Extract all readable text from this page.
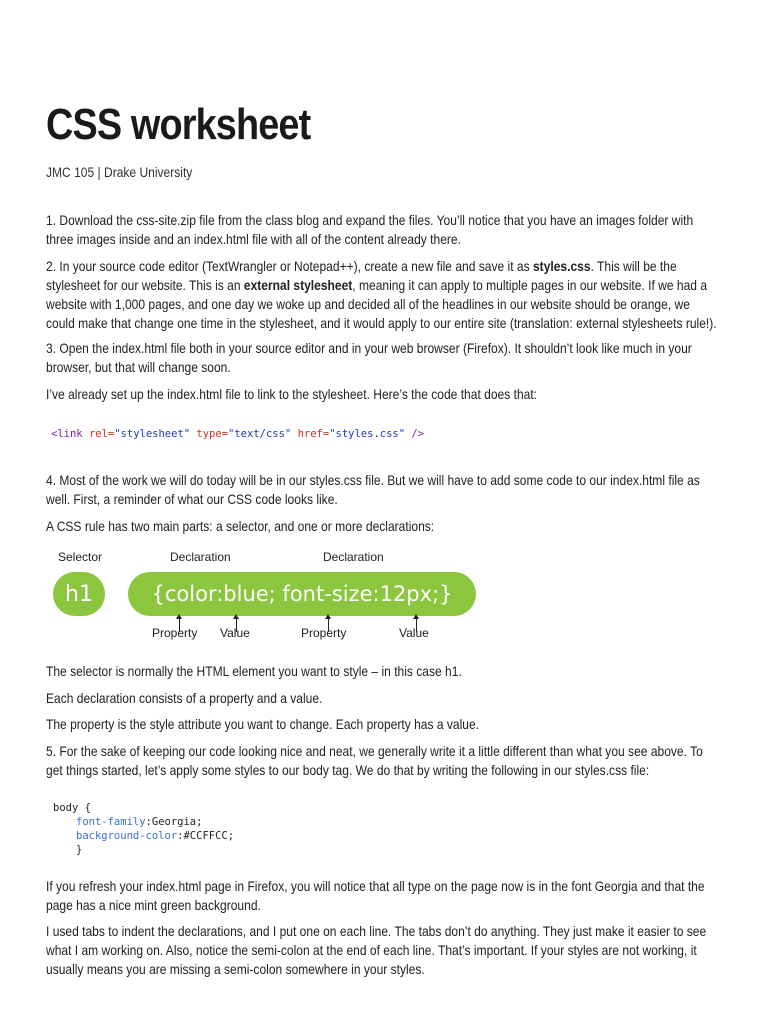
CSS worksheet
JMC 105 | Drake University

1. Download the css-site.zip file from the class blog and expand the files. You’ll notice that you have an images folder with three images inside and an index.html file with all of the content already there.

2. In your source code editor (TextWrangler or Notepad++), create a new file and save it as styles.css. This will be the stylesheet for our website. This is an external stylesheet, meaning it can apply to multiple pages in our website. If we had a website with 1,000 pages, and one day we woke up and decided all of the headlines in our website should be orange, we could make that change one time in the stylesheet, and it would apply to our entire site (translation: external stylesheets rule!).

3. Open the index.html file both in your source editor and in your web browser (Firefox). It shouldn’t look like much in your browser, but that will change soon.

I’ve already set up the index.html file to link to the stylesheet. Here’s the code that does that:

<link rel="stylesheet" type="text/css" href="styles.css" />

4. Most of the work we will do today will be in our styles.css file. But we will have to add some code to our index.html file as well. First, a reminder of what our CSS code looks like.

A CSS rule has two main parts: a selector, and one or more declarations:

Selector	Declaration	Declaration
h1	{color:blue; font-size:12px;}
Property Value	Property	Value

The selector is normally the HTML element you want to style – in this case h1.

Each declaration consists of a property and a value.

The property is the style attribute you want to change. Each property has a value.

5. For the sake of keeping our code looking nice and neat, we generally write it a little different than what you see above. To get things started, let’s apply some styles to our body tag. We do that by writing the following in our styles.css file:

body {
font-family:Georgia;
background-color:#CCFFCC;
}

If you refresh your index.html page in Firefox, you will notice that all type on the page now is in the font Georgia and that the page has a nice mint green background.

I used tabs to indent the declarations, and I put one on each line. The tabs don’t do anything. They just make it easier to see what I am working on. Also, notice the semi-colon at the end of each line. That’s important. If your styles are not working, it usually means you are missing a semi-colon somewhere in your styles.
